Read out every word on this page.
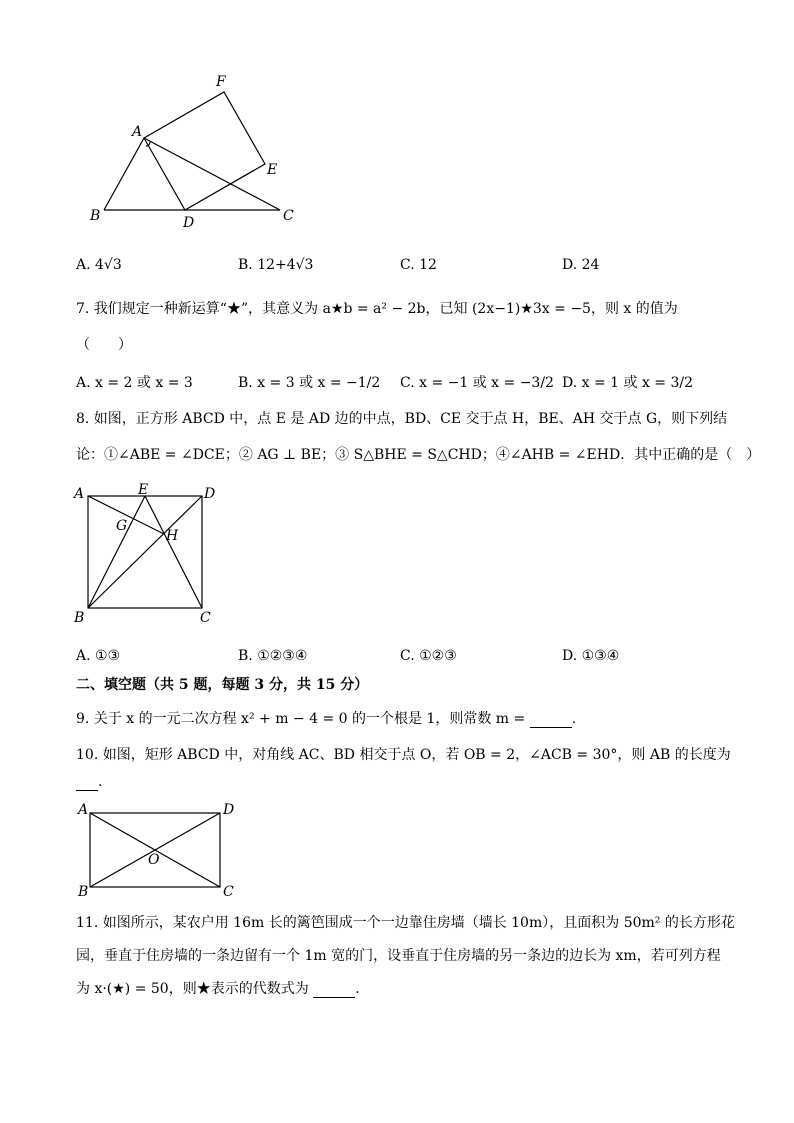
F
A
E
B	D	C
A. 4√3	B. 12+4√3	C. 12	D. 24
7. 我们规定一种新运算“★”，其意义为 a★b = a² − 2b，已知 (2x−1)★3x = −5，则 x 的值为
（　　）
A. x = 2 或 x = 3	B. x = 3 或 x = −1/2 C. x = −1 或 x = −3/2 D. x = 1 或 x = 3/2
8. 如图，正方形 ABCD 中，点 E 是 AD 边的中点，BD、CE 交于点 H，BE、AH 交于点 G，则下列结
论：①∠ABE = ∠DCE；② AG ⊥ BE；③ S△BHE = S△CHD；④∠AHB = ∠EHD．其中正确的是（　）
A	E	D
G
H
B	C
A. ①③	B. ①②③④	C. ①②③	D. ①③④
二、填空题（共 5 题，每题 3 分，共 15 分）
9. 关于 x 的一元二次方程 x² + m − 4 = 0 的一个根是 1，则常数 m =	.
10. 如图，矩形 ABCD 中，对角线 AC、BD 相交于点 O，若 OB = 2，∠ACB = 30°，则 AB 的长度为
.
A	D
O
B	C
11. 如图所示，某农户用 16m 长的篱笆围成一个一边靠住房墙（墙长 10m），且面积为 50m² 的长方形花
园，垂直于住房墙的一条边留有一个 1m 宽的门，设垂直于住房墙的另一条边的边长为 xm，若可列方程
为 x·(★) = 50，则★表示的代数式为	.
